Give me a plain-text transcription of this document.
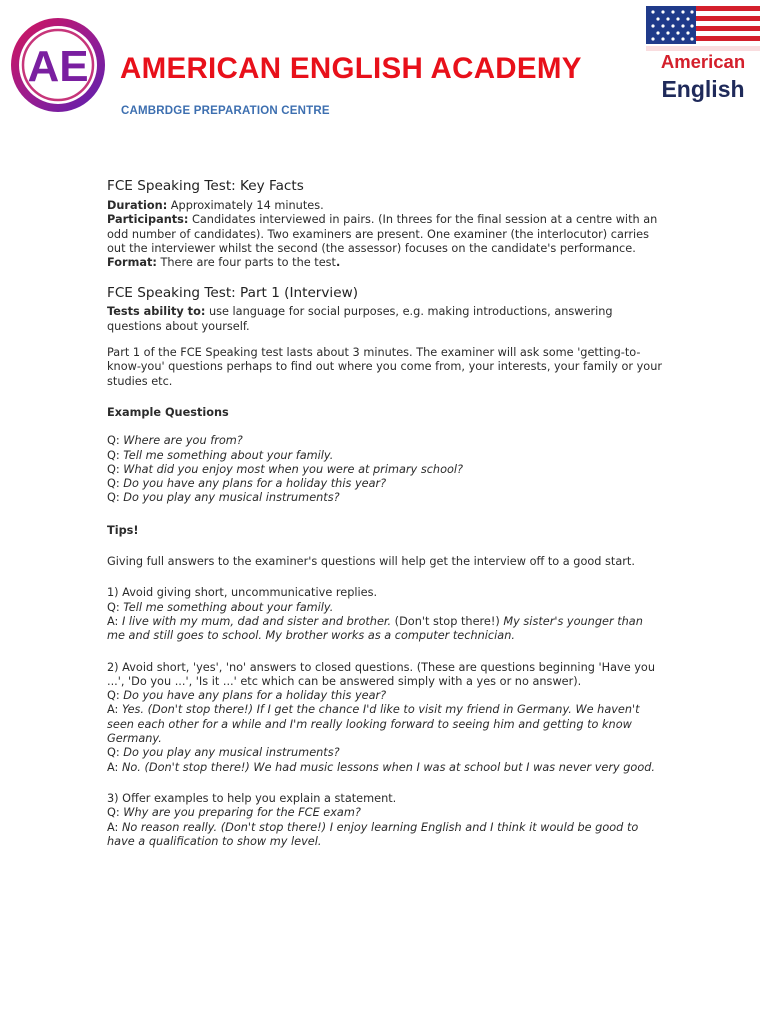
AE AMERICAN ENGLISH ACADEMY
CAMBRDGE PREPARATION CENTRE
American
English
FCE Speaking Test: Key Facts

Duration: Approximately 14 minutes.

Participants: Candidates interviewed in pairs. (In threes for the final session at a centre with an odd number of candidates). Two examiners are present. One examiner (the interlocutor) carries out the interviewer whilst the second (the assessor) focuses on the candidate's performance.

Format: There are four parts to the test.

FCE Speaking Test: Part 1 (Interview)

Tests ability to: use language for social purposes, e.g. making introductions, answering questions about yourself.

Part 1 of the FCE Speaking test lasts about 3 minutes. The examiner will ask some 'getting-to-know-you' questions perhaps to find out where you come from, your interests, your family or your studies etc.

Example Questions

Q: Where are you from?

Q: Tell me something about your family.

Q: What did you enjoy most when you were at primary school?

Q: Do you have any plans for a holiday this year?

Q: Do you play any musical instruments?

Tips!

Giving full answers to the examiner's questions will help get the interview off to a good start.

1) Avoid giving short, uncommunicative replies.

Q: Tell me something about your family.

A: I live with my mum, dad and sister and brother. (Don't stop there!) My sister's younger than me and still goes to school. My brother works as a computer technician.

2) Avoid short, 'yes', 'no' answers to closed questions. (These are questions beginning 'Have you ...', 'Do you ...', 'Is it ...' etc which can be answered simply with a yes or no answer).

Q: Do you have any plans for a holiday this year?

A: Yes. (Don't stop there!) If I get the chance I'd like to visit my friend in Germany. We haven't seen each other for a while and I'm really looking forward to seeing him and getting to know Germany.

Q: Do you play any musical instruments?

A: No. (Don't stop there!) We had music lessons when I was at school but I was never very good.

3) Offer examples to help you explain a statement.

Q: Why are you preparing for the FCE exam?

A: No reason really. (Don't stop there!) I enjoy learning English and I think it would be good to have a qualification to show my level.
